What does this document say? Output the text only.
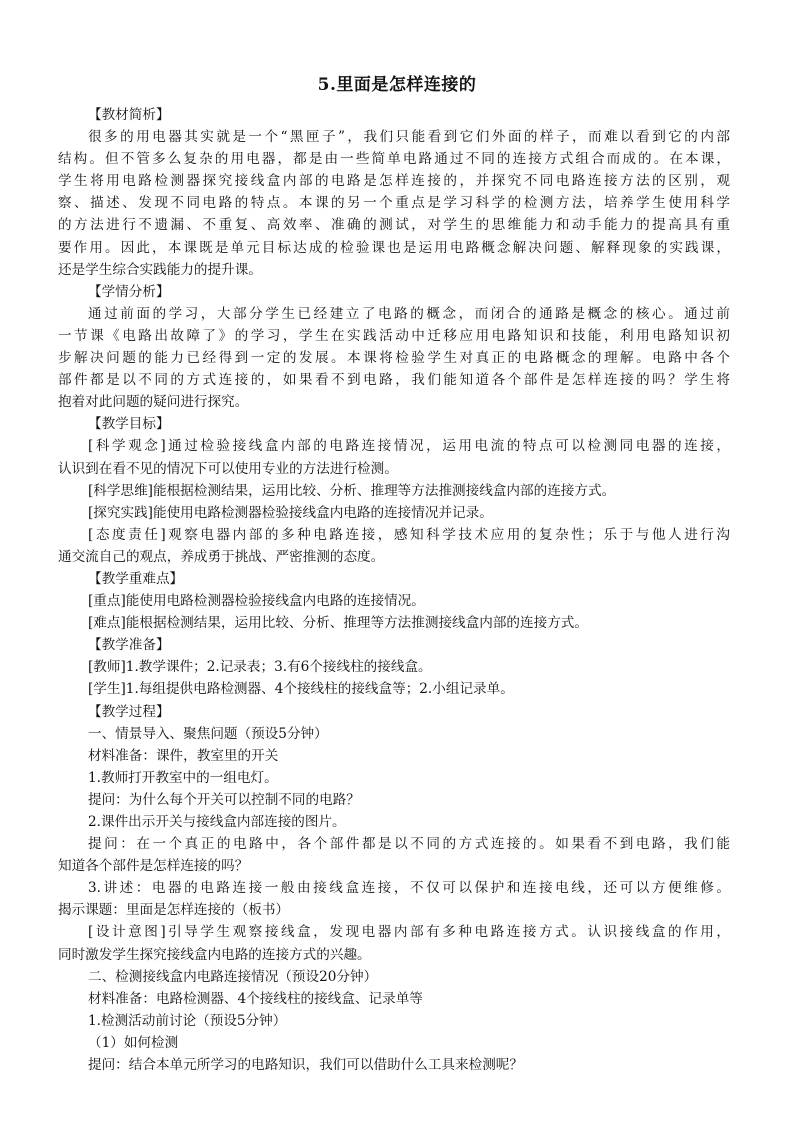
5.里面是怎样连接的
【教材简析】
很多的用电器其实就是一个“黑匣子”，我们只能看到它们外面的样子，而难以看到它的内部
结构。但不管多么复杂的用电器，都是由一些简单电路通过不同的连接方式组合而成的。在本课，
学生将用电路检测器探究接线盒内部的电路是怎样连接的，并探究不同电路连接方法的区别，观
察、描述、发现不同电路的特点。本课的另一个重点是学习科学的检测方法，培养学生使用科学
的方法进行不遗漏、不重复、高效率、准确的测试，对学生的思维能力和动手能力的提高具有重
要作用。因此，本课既是单元目标达成的检验课也是运用电路概念解决问题、解释现象的实践课，
还是学生综合实践能力的提升课。
【学情分析】
通过前面的学习，大部分学生已经建立了电路的概念，而闭合的通路是概念的核心。通过前
一节课《电路出故障了》的学习，学生在实践活动中迁移应用电路知识和技能，利用电路知识初
步解决问题的能力已经得到一定的发展。本课将检验学生对真正的电路概念的理解。电路中各个
部件都是以不同的方式连接的，如果看不到电路，我们能知道各个部件是怎样连接的吗？学生将
抱着对此问题的疑问进行探究。
【教学目标】
[科学观念]通过检验接线盒内部的电路连接情况，运用电流的特点可以检测同电器的连接，
认识到在看不见的情况下可以使用专业的方法进行检测。
[科学思维]能根据检测结果，运用比较、分析、推理等方法推测接线盒内部的连接方式。
[探究实践]能使用电路检测器检验接线盒内电路的连接情况并记录。
[态度责任]观察电器内部的多种电路连接，感知科学技术应用的复杂性；乐于与他人进行沟
通交流自己的观点，养成勇于挑战、严密推测的态度。
【教学重难点】
[重点]能使用电路检测器检验接线盒内电路的连接情况。
[难点]能根据检测结果，运用比较、分析、推理等方法推测接线盒内部的连接方式。
【教学准备】
[教师]1.教学课件；2.记录表；3.有6个接线柱的接线盒。
[学生]1.每组提供电路检测器、4个接线柱的接线盒等；2.小组记录单。
【教学过程】
一、情景导入、聚焦问题（预设5分钟）
材料准备：课件，教室里的开关
1.教师打开教室中的一组电灯。
提问：为什么每个开关可以控制不同的电路？
2.课件出示开关与接线盒内部连接的图片。
提问：在一个真正的电路中，各个部件都是以不同的方式连接的。如果看不到电路，我们能
知道各个部件是怎样连接的吗？
3.讲述：电器的电路连接一般由接线盒连接，不仅可以保护和连接电线，还可以方便维修。
揭示课题：里面是怎样连接的（板书）
[设计意图]引导学生观察接线盒，发现电器内部有多种电路连接方式。认识接线盒的作用，
同时激发学生探究接线盒内电路的连接方式的兴趣。
二、检测接线盒内电路连接情况（预设20分钟）
材料准备：电路检测器、4个接线柱的接线盒、记录单等
1.检测活动前讨论（预设5分钟）
（1）如何检测
提问：结合本单元所学习的电路知识，我们可以借助什么工具来检测呢？
